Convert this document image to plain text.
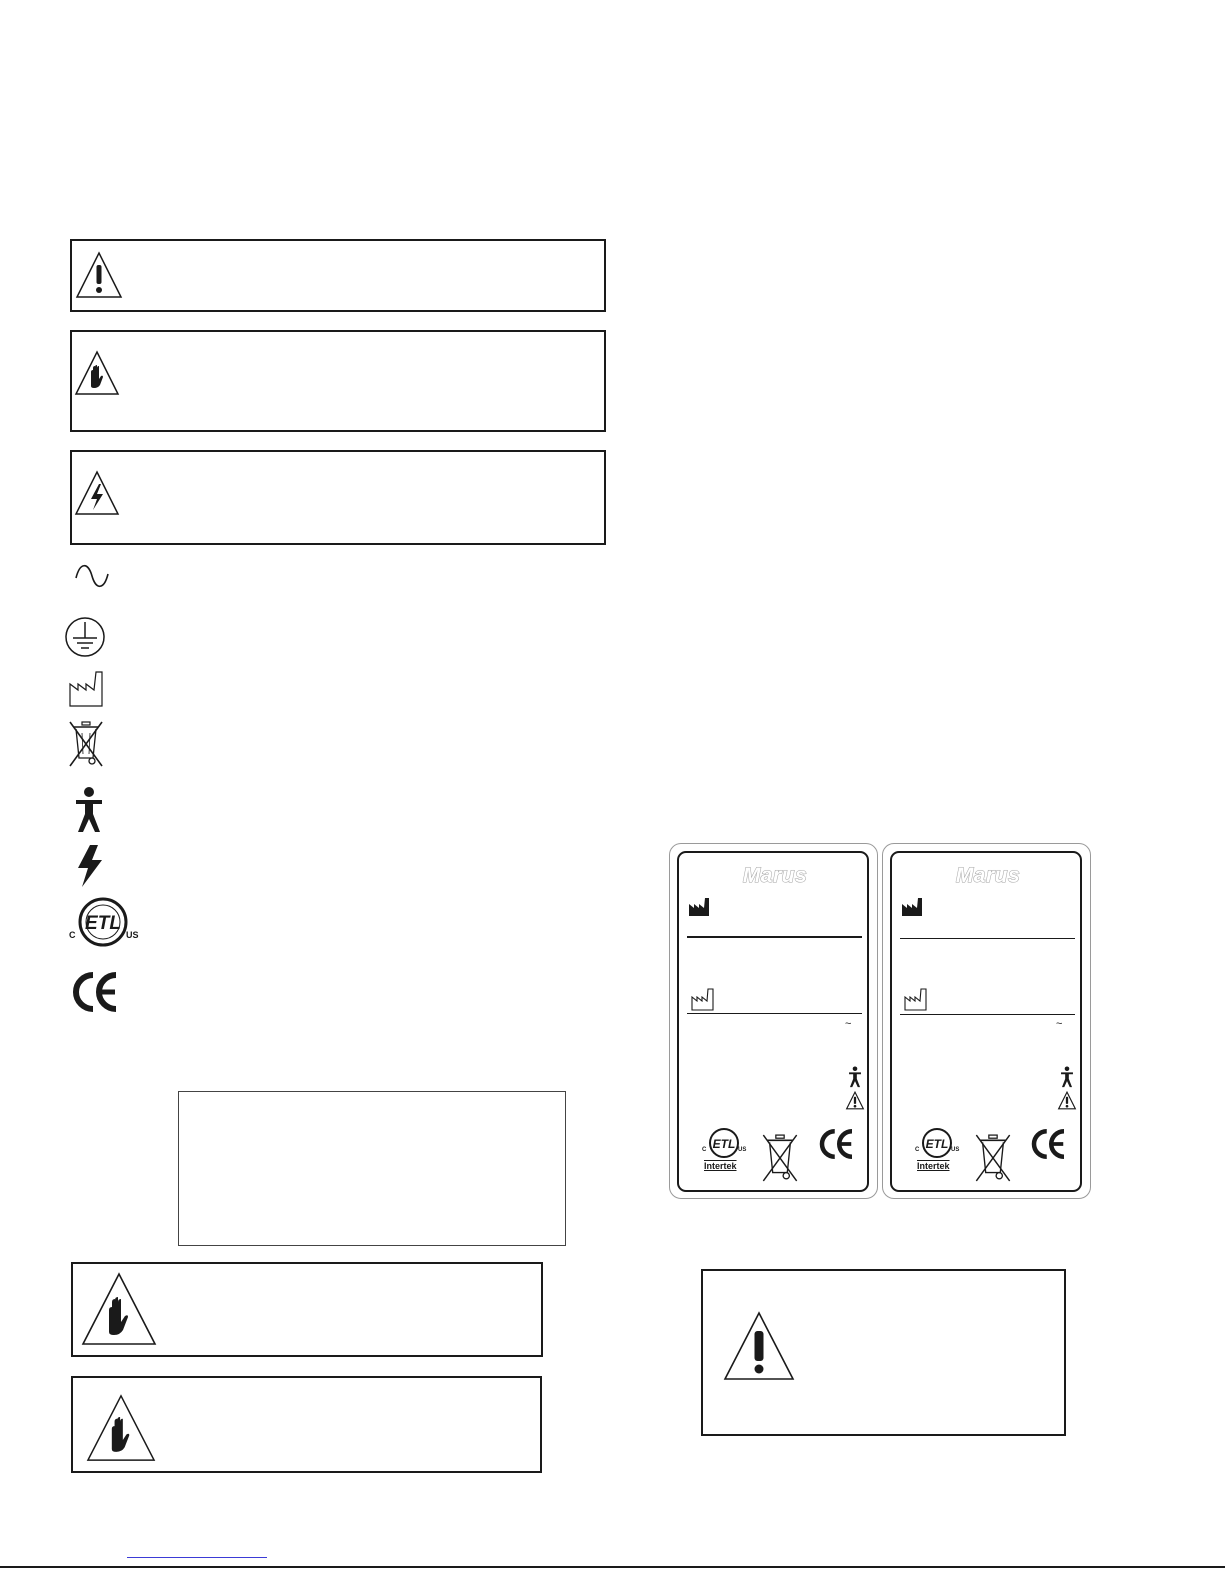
ETL
C	US
Marus
~
ETL
C	US
Intertek
Marus
~
ETL
C	US
Intertek
